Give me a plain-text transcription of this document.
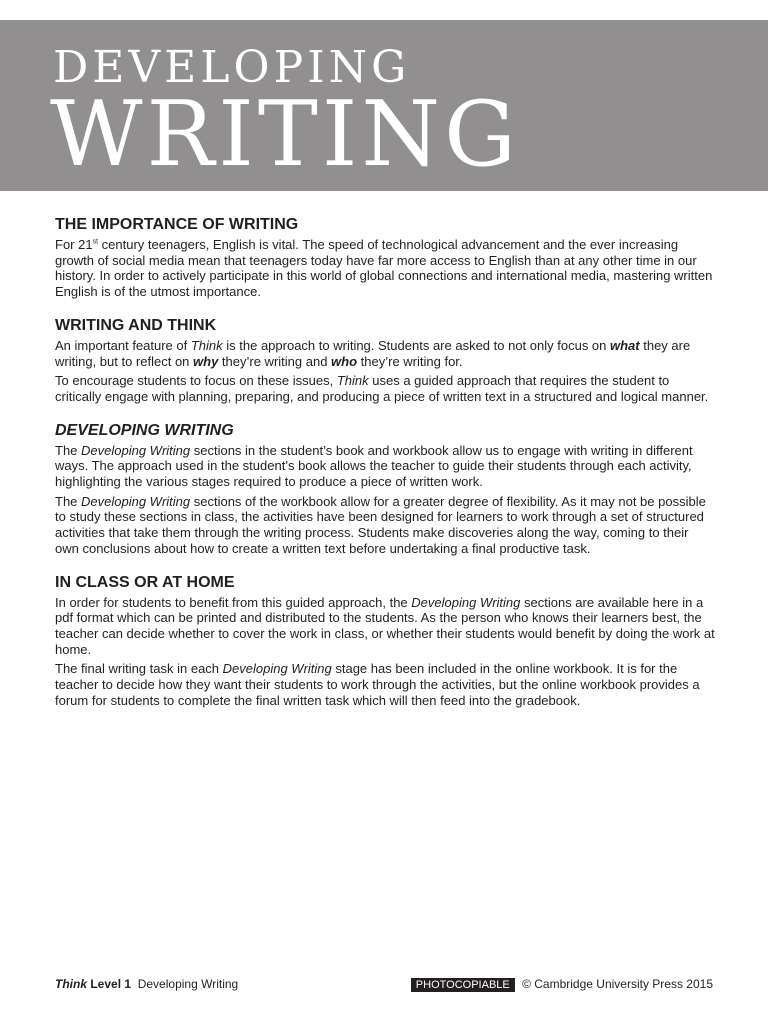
DEVELOPING
WRITING
THE IMPORTANCE OF WRITING

For 21st century teenagers, English is vital. The speed of technological advancement and the ever increasing growth of social media mean that teenagers today have far more access to English than at any other time in our history. In order to actively participate in this world of global connections and international media, mastering written English is of the utmost importance.

WRITING AND THINK

An important feature of Think is the approach to writing. Students are asked to not only focus on what they are writing, but to reflect on why they’re writing and who they’re writing for.

To encourage students to focus on these issues, Think uses a guided approach that requires the student to critically engage with planning, preparing, and producing a piece of written text in a structured and logical manner.

DEVELOPING WRITING

The Developing Writing sections in the student’s book and workbook allow us to engage with writing in different ways. The approach used in the student’s book allows the teacher to guide their students through each activity, highlighting the various stages required to produce a piece of written work.

The Developing Writing sections of the workbook allow for a greater degree of flexibility. As it may not be possible to study these sections in class, the activities have been designed for learners to work through a set of structured activities that take them through the writing process. Students make discoveries along the way, coming to their own conclusions about how to create a written text before undertaking a final productive task.

IN CLASS OR AT HOME

In order for students to benefit from this guided approach, the Developing Writing sections are available here in a pdf format which can be printed and distributed to the students. As the person who knows their learners best, the teacher can decide whether to cover the work in class, or whether their students would benefit by doing the work at home.

The final writing task in each Developing Writing stage has been included in the online workbook. It is for the teacher to decide how they want their students to work through the activities, but the online workbook provides a forum for students to complete the final written task which will then feed into the gradebook.

Think Level 1 Developing Writing	PHOTOCOPIABLE © Cambridge University Press 2015
